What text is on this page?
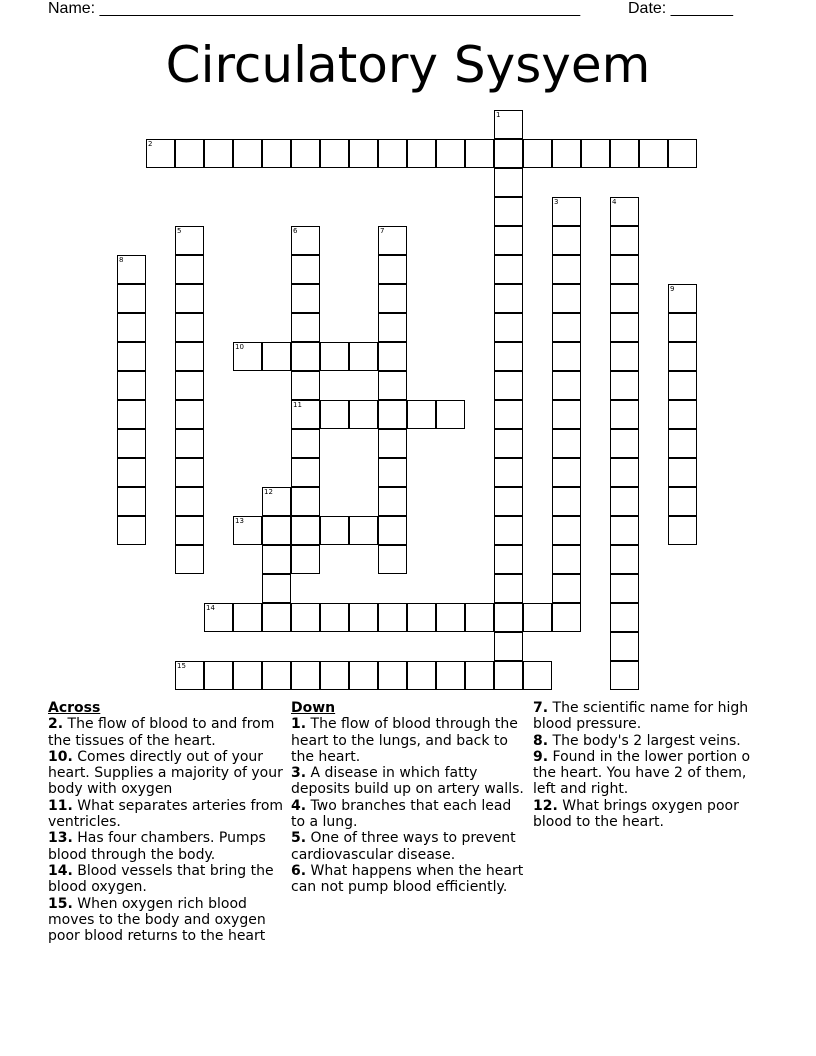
Name: ______________________________________________________	Date: _______
Circulatory Sysyem
1
2
3	4
5	6
11
7
8
9
10
12
13
14
15

Across

2. The flow of blood to and from the tissues of the heart.

10. Comes directly out of your heart. Supplies a majority of your body with oxygen

11. What separates arteries from ventricles.

13. Has four chambers. Pumps blood through the body.

14. Blood vessels that bring the blood oxygen.

15. When oxygen rich blood moves to the body and oxygen poor blood returns to the heart

Down

1. The flow of blood through the heart to the lungs, and back to the heart.

3. A disease in which fatty deposits build up on artery walls.

4. Two branches that each lead to a lung.

5. One of three ways to prevent cardiovascular disease.

6. What happens when the heart can not pump blood efficiently.

7. The scientific name for high blood pressure.

8. The body's 2 largest veins.

9. Found in the lower portion o the heart. You have 2 of them, left and right.

12. What brings oxygen poor blood to the heart.
